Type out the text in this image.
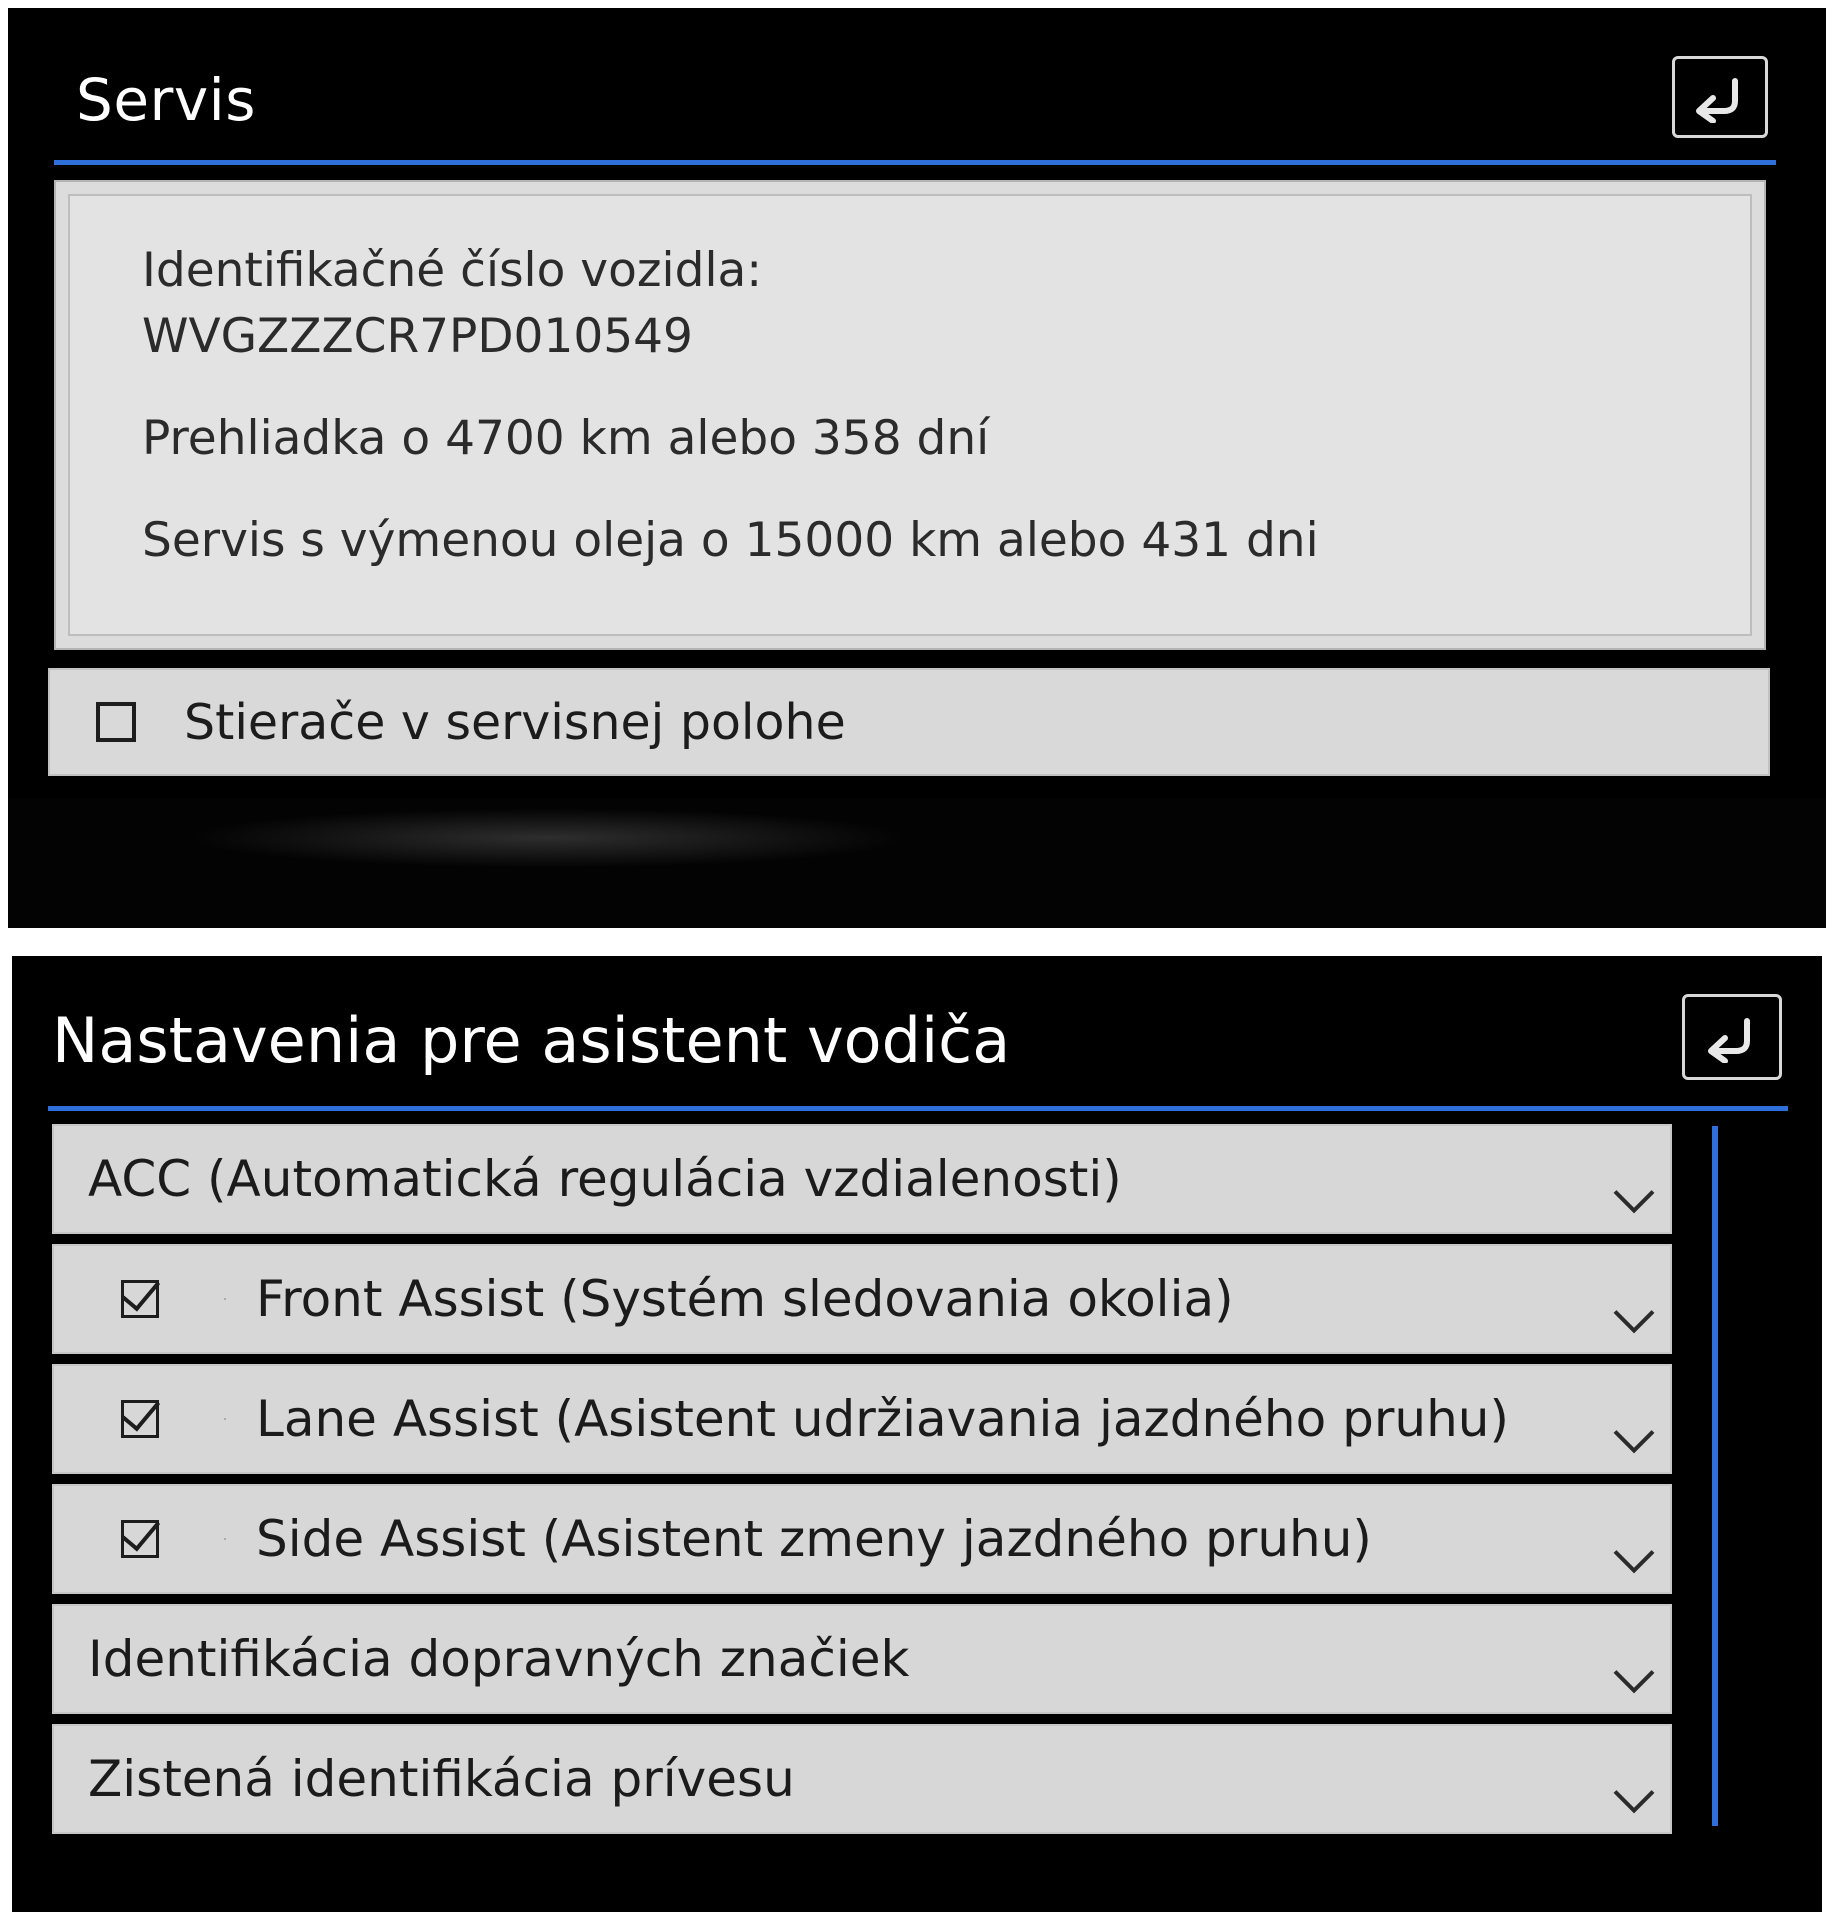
Servis
Identifikačné číslo vozidla:
WVGZZZCR7PD010549
Prehliadka o 4700 km alebo 358 dní
Servis s výmenou oleja o 15000 km alebo 431 dni
Stierače v servisnej polohe
Nastavenia pre asistent vodiča
ACC (Automatická regulácia vzdialenosti)
Front Assist (Systém sledovania okolia)
Lane Assist (Asistent udržiavania jazdného pruhu)
Side Assist (Asistent zmeny jazdného pruhu)
Identifikácia dopravných značiek
Zistená identifikácia prívesu
